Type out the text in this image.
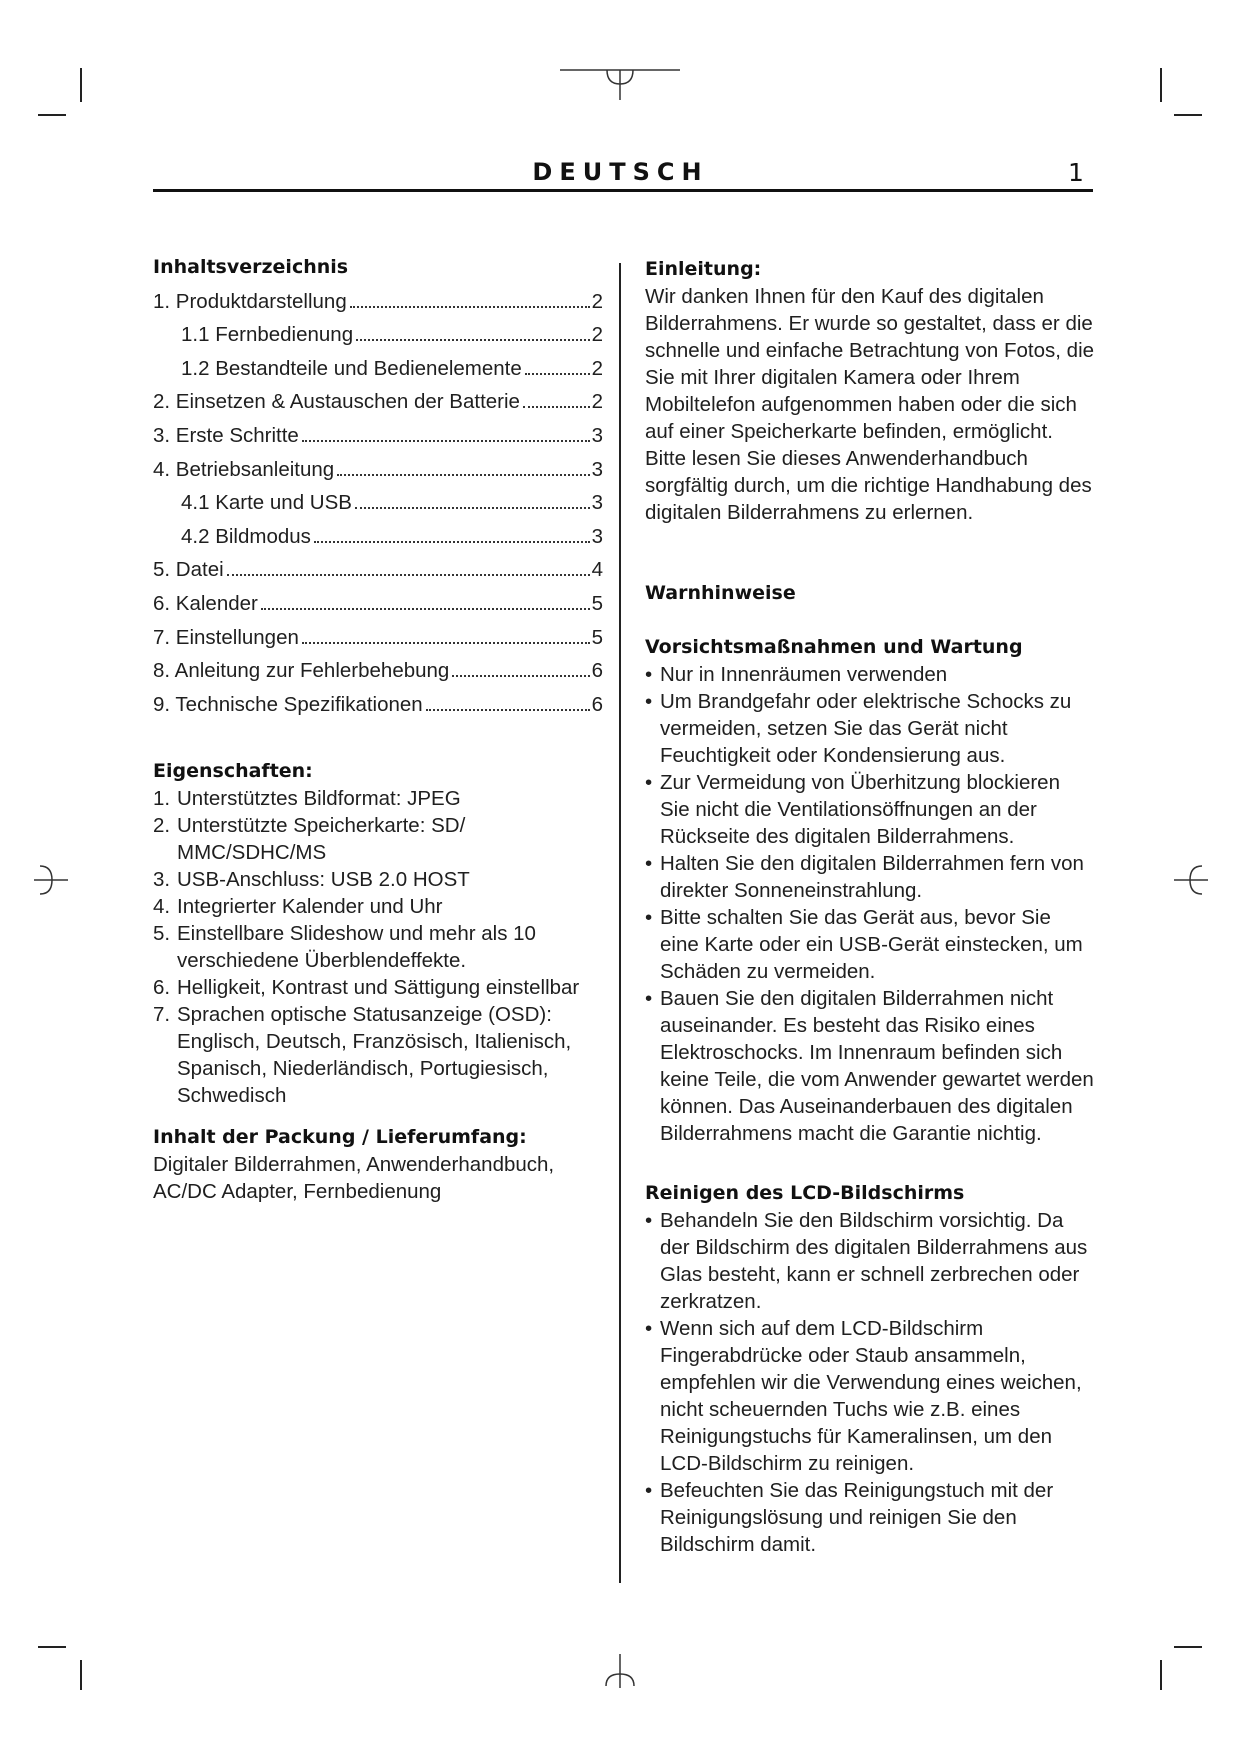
DEUTSCH	1
Inhaltsverzeichnis
1. Produktdarstellung	2
1.1 Fernbedienung	2
1.2 Bestandteile und Bedienelemente	2
2. Einsetzen & Austauschen der Batterie	2
3. Erste Schritte	3
4. Betriebsanleitung	3
4.1 Karte und USB	3
4.2 Bildmodus	3
5. Datei	4
6. Kalender	5
7. Einstellungen	5
8. Anleitung zur Fehlerbehebung	6
9. Technische Spezifikationen	6
Eigenschaften:
1. Unterstütztes Bildformat: JPEG
2. Unterstützte Speicherkarte: SD/ MMC/SDHC/MS
3. USB-Anschluss: USB 2.0 HOST
4. Integrierter Kalender und Uhr
5. Einstellbare Slideshow und mehr als 10 verschiedene Überblendeffekte.
6. Helligkeit, Kontrast und Sättigung einstellbar
7. Sprachen optische Statusanzeige (OSD): Englisch, Deutsch, Französisch, Italienisch, Spanisch, Niederländisch, Portugiesisch, Schwedisch
Inhalt der Packung / Lieferumfang:

Digitaler Bilderrahmen, Anwenderhandbuch, AC/DC Adapter, Fernbedienung

Einleitung:

Wir danken Ihnen für den Kauf des digitalen Bilderrahmens. Er wurde so gestaltet, dass er die schnelle und einfache Betrachtung von Fotos, die Sie mit Ihrer digitalen Kamera oder Ihrem Mobiltelefon aufgenommen haben oder die sich auf einer Speicherkarte befinden, ermöglicht. Bitte lesen Sie dieses Anwenderhandbuch sorgfältig durch, um die richtige Handhabung des digitalen Bilderrahmens zu erlernen.

Warnhinweise
Vorsichtsmaßnahmen und Wartung
• Nur in Innenräumen verwenden
• Um Brandgefahr oder elektrische Schocks zu vermeiden, setzen Sie das Gerät nicht Feuchtigkeit oder Kondensierung aus.
• Zur Vermeidung von Überhitzung blockieren Sie nicht die Ventilationsöffnungen an der Rückseite des digitalen Bilderrahmens.
• Halten Sie den digitalen Bilderrahmen fern von direkter Sonneneinstrahlung.
• Bitte schalten Sie das Gerät aus, bevor Sie eine Karte oder ein USB-Gerät einstecken, um Schäden zu vermeiden.
• Bauen Sie den digitalen Bilderrahmen nicht auseinander. Es besteht das Risiko eines Elektroschocks. Im Innenraum befinden sich keine Teile, die vom Anwender gewartet werden können. Das Auseinanderbauen des digitalen Bilderrahmens macht die Garantie nichtig.
Reinigen des LCD-Bildschirms
• Behandeln Sie den Bildschirm vorsichtig. Da der Bildschirm des digitalen Bilderrahmens aus Glas besteht, kann er schnell zerbrechen oder zerkratzen.
• Wenn sich auf dem LCD-Bildschirm Fingerabdrücke oder Staub ansammeln, empfehlen wir die Verwendung eines weichen, nicht scheuernden Tuchs wie z.B. eines Reinigungstuchs für Kameralinsen, um den LCD-Bildschirm zu reinigen.
• Befeuchten Sie das Reinigungstuch mit der Reinigungslösung und reinigen Sie den Bildschirm damit.
